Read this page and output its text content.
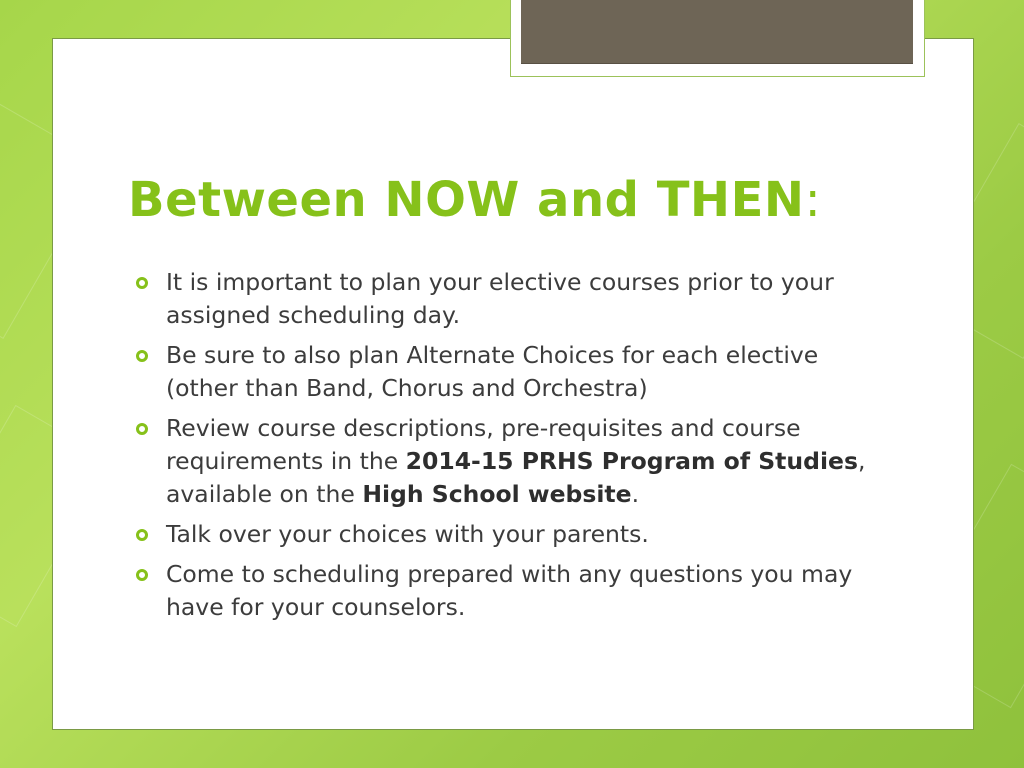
Between NOW and THEN:
It is important to plan your elective courses prior to your assigned scheduling day.
Be sure to also plan Alternate Choices for each elective (other than Band, Chorus and Orchestra)
Review course descriptions, pre-requisites and course requirements in the 2014-15 PRHS Program of Studies, available on the High School website.
Talk over your choices with your parents.
Come to scheduling prepared with any questions you may have for your counselors.
